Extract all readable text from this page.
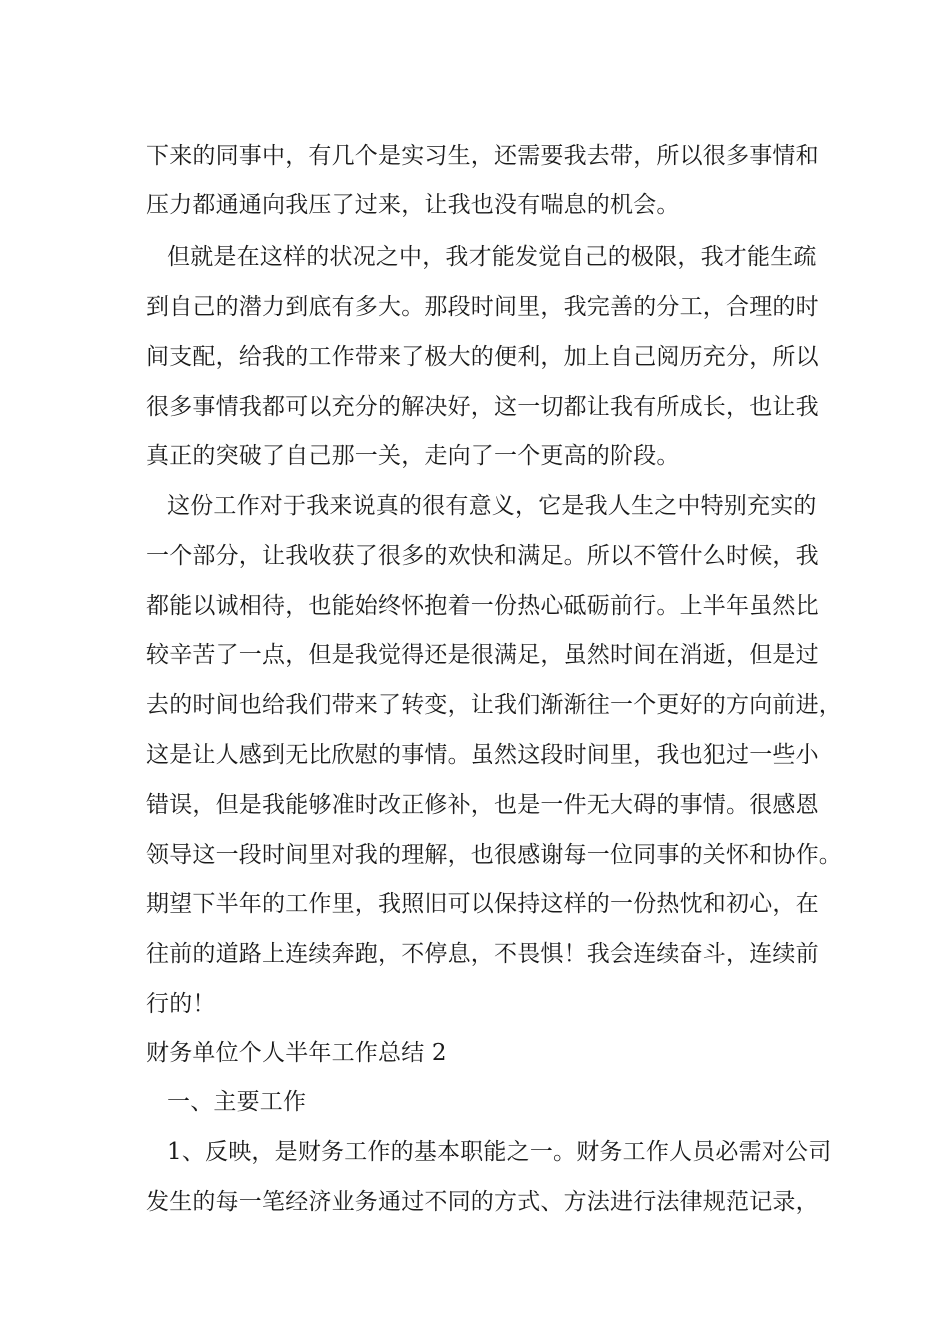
下来的同事中，有几个是实习生，还需要我去带，所以很多事情和
压力都通通向我压了过来，让我也没有喘息的机会。
但就是在这样的状况之中，我才能发觉自己的极限，我才能生疏
到自己的潜力到底有多大。那段时间里，我完善的分工，合理的时
间支配，给我的工作带来了极大的便利，加上自己阅历充分，所以
很多事情我都可以充分的解决好，这一切都让我有所成长，也让我
真正的突破了自己那一关，走向了一个更高的阶段。
这份工作对于我来说真的很有意义，它是我人生之中特别充实的
一个部分，让我收获了很多的欢快和满足。所以不管什么时候，我
都能以诚相待，也能始终怀抱着一份热心砥砺前行。上半年虽然比
较辛苦了一点，但是我觉得还是很满足，虽然时间在消逝，但是过
去的时间也给我们带来了转变，让我们渐渐往一个更好的方向前进，
这是让人感到无比欣慰的事情。虽然这段时间里，我也犯过一些小
错误，但是我能够准时改正修补，也是一件无大碍的事情。很感恩
领导这一段时间里对我的理解，也很感谢每一位同事的关怀和协作。
期望下半年的工作里，我照旧可以保持这样的一份热忱和初心，在
往前的道路上连续奔跑，不停息，不畏惧！我会连续奋斗，连续前
行的！
财务单位个人半年工作总结 2
一、主要工作
1、反映，是财务工作的基本职能之一。财务工作人员必需对公司
发生的每一笔经济业务通过不同的方式、方法进行法律规范记录，
